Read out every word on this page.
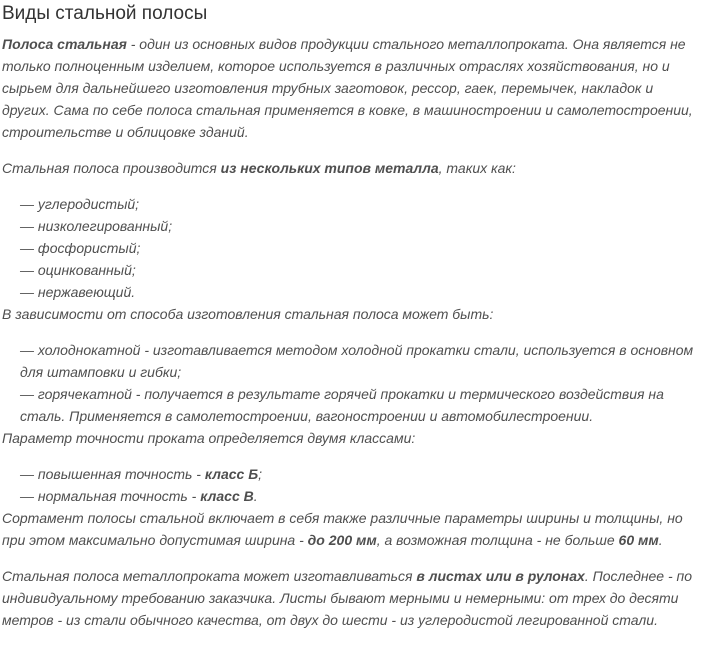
Виды стальной полосы

Полоса стальная - один из основных видов продукции стального металлопроката. Она является не только полноценным изделием, которое используется в различных отраслях хозяйствования, но и сырьем для дальнейшего изготовления трубных заготовок, рессор, гаек, перемычек, накладок и других. Сама по себе полоса стальная применяется в ковке, в машиностроении и самолетостроении, строительстве и облицовке зданий.

Стальная полоса производится из нескольких типов металла, таких как:

— углеродистый;
— низколегированный;
— фосфористый;
— оцинкованный;
— нержавеющий.

В зависимости от способа изготовления стальная полоса может быть:

— холоднокатной - изготавливается методом холодной прокатки стали, используется в основном для штамповки и гибки;
— горячекатной - получается в результате горячей прокатки и термического воздействия на сталь. Применяется в самолетостроении, вагоностроении и автомобилестроении.

Параметр точности проката определяется двумя классами:

— повышенная точность - класс Б;
— нормальная точность - класс В.

Сортамент полосы стальной включает в себя также различные параметры ширины и толщины, но при этом максимально допустимая ширина - до 200 мм, а возможная толщина - не больше 60 мм.

Стальная полоса металлопроката может изготавливаться в листах или в рулонах. Последнее - по индивидуальному требованию заказчика. Листы бывают мерными и немерными: от трех до десяти метров - из стали обычного качества, от двух до шести - из углеродистой легированной стали.
